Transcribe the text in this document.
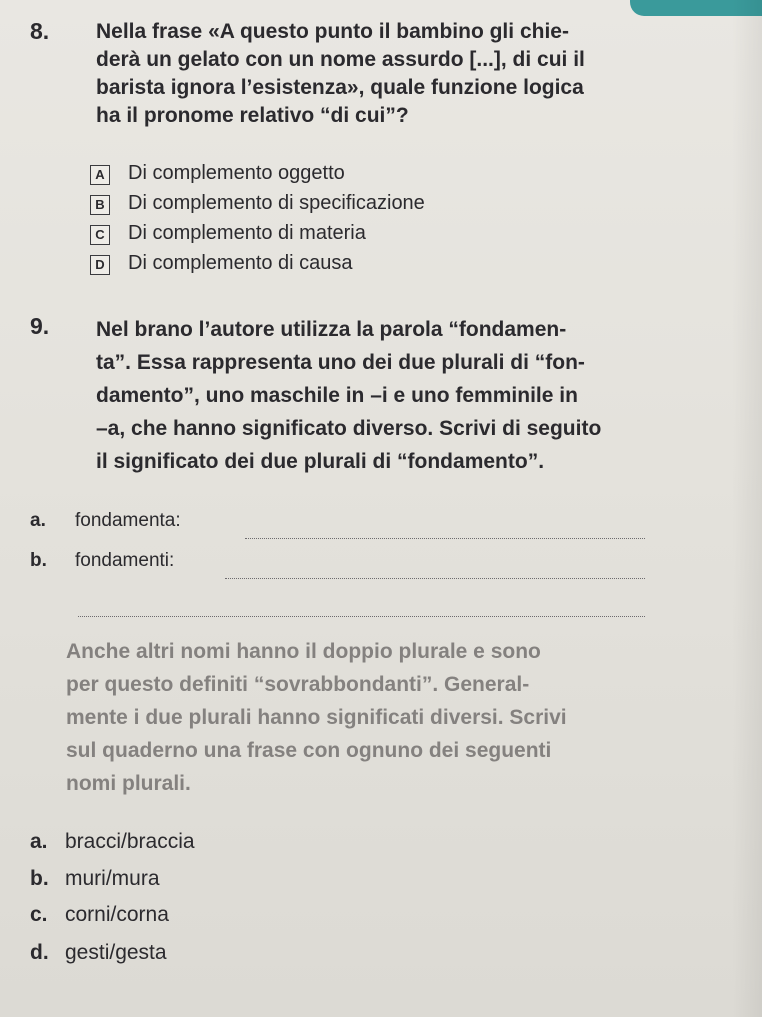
8. Nella frase «A questo punto il bambino gli chie-
derà un gelato con un nome assurdo [...], di cui il
barista ignora l’esistenza», quale funzione logica
ha il pronome relativo “di cui”?
A Di complemento oggetto
B Di complemento di specificazione
C Di complemento di materia
D Di complemento di causa
9. Nel brano l’autore utilizza la parola “fondamen-
ta”. Essa rappresenta uno dei due plurali di “fon-
damento”, uno maschile in –i e uno femminile in
–a, che hanno significato diverso. Scrivi di seguito
il significato dei due plurali di “fondamento”.
a. fondamenta:
b. fondamenti:
Anche altri nomi hanno il doppio plurale e sono
per questo definiti “sovrabbondanti”. General-
mente i due plurali hanno significati diversi. Scrivi
sul quaderno una frase con ognuno dei seguenti
nomi plurali.
a. bracci/braccia
b. muri/mura
c. corni/corna
d. gesti/gesta
